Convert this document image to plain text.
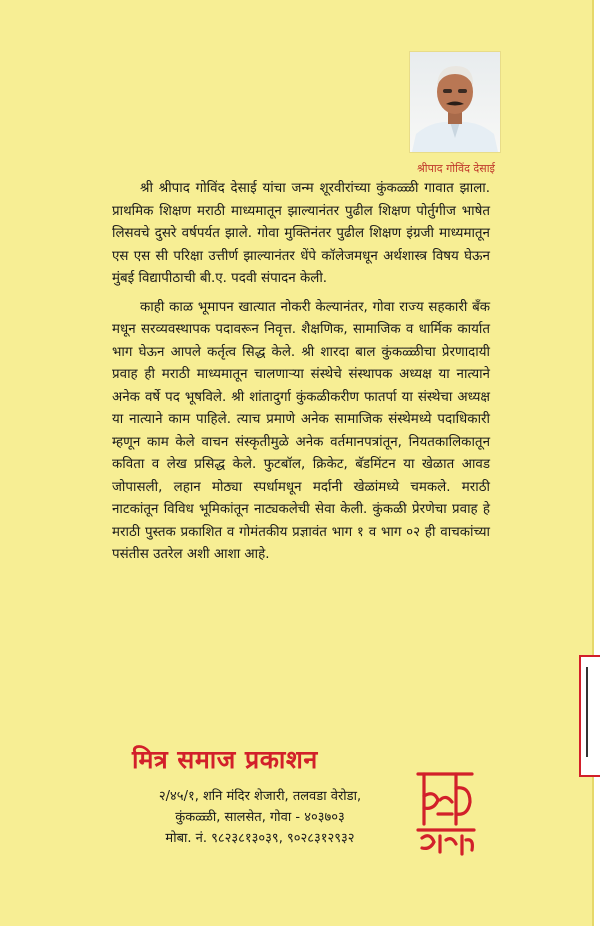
श्रीपाद गोविंद देसाई

श्री श्रीपाद गोविंद देसाई यांचा जन्म शूरवीरांच्या कुंकळ्ळी गावात झाला. प्राथमिक शिक्षण मराठी माध्यमातून झाल्यानंतर पुढील शिक्षण पोर्तुगीज भाषेत लिसवचे दुसरे वर्षपर्यत झाले. गोवा मुक्तिनंतर पुढील शिक्षण इंग्रजी माध्यमातून एस एस सी परिक्षा उत्तीर्ण झाल्यानंतर धेंपे कॉलेजमधून अर्थशास्त्र विषय घेऊन मुंबई विद्यापीठाची बी.ए. पदवी संपादन केली.

काही काळ भूमापन खात्यात नोकरी केल्यानंतर, गोवा राज्य सहकारी बँक मधून सरव्यवस्थापक पदावरून निवृत्त. शैक्षणिक, सामाजिक व धार्मिक कार्यात भाग घेऊन आपले कर्तृत्व सिद्ध केले. श्री शारदा बाल कुंकळ्ळीचा प्रेरणादायी प्रवाह ही मराठी माध्यमातून चालणाऱ्या संस्थेचे संस्थापक अध्यक्ष या नात्याने अनेक वर्षे पद भूषविले. श्री शांतादुर्गा कुंकळीकरीण फातर्पा या संस्थेचा अध्यक्ष या नात्याने काम पाहिले. त्याच प्रमाणे अनेक सामाजिक संस्थेमध्ये पदाधिकारी म्हणून काम केले वाचन संस्कृतीमुळे अनेक वर्तमानपत्रांतून, नियतकालिकातून कविता व लेख प्रसिद्ध केले. फुटबॉल, क्रिकेट, बॅडमिंटन या खेळात आवड जोपासली, लहान मोठ्या स्पर्धामधून मर्दानी खेळांमध्ये चमकले. मराठी नाटकांतून विविध भूमिकांतून नाट्यकलेची सेवा केली. कुंकळी प्रेरणेचा प्रवाह हे मराठी पुस्तक प्रकाशित व गोमंतकीय प्रज्ञावंत भाग १ व भाग ०२ ही वाचकांच्या पसंतीस उतरेल अशी आशा आहे.

मित्र समाज प्रकाशन
२/४५/१, शनि मंदिर शेजारी, तलवडा वेरोडा,
कुंकळ्ळी, सालसेत, गोवा - ४०३७०३
मोबा. नं. ९८२३८१३०३९, ९०२८३१२९३२
